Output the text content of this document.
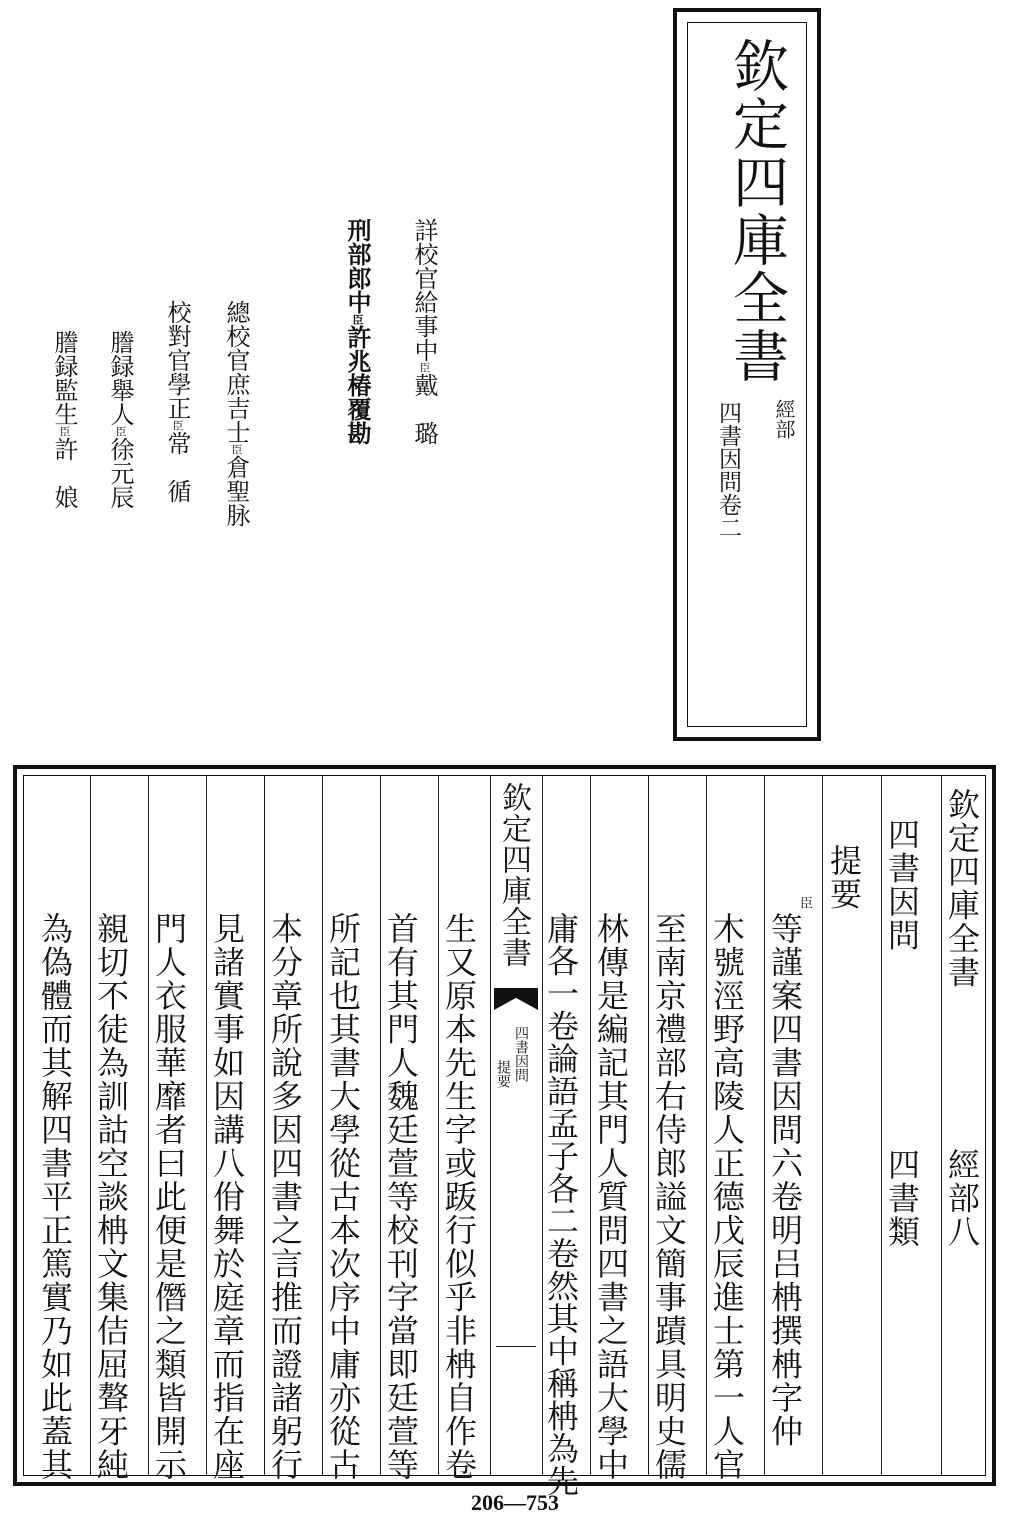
欽定四庫全書
經部
四書因問卷二
詳校官給事中臣戴　璐
刑部郎中臣許兆椿覆勘
總校官庶吉士臣倉聖脉
校對官學正臣常　循
謄録舉人臣徐元辰
謄録監生臣許　娘
欽定四庫全書
經部八
四書因問
四書類
提要
臣
等謹案四書因問六卷明吕柟撰柟字仲
木號涇野高陵人正德戊辰進士第一人官
至南京禮部右侍郎謚文簡事蹟具明史儒
林傳是編記其門人質問四書之語大學中
庸各一卷論語孟子各二卷然其中稱柟為先
欽定四庫全書
四書因問
提要
生又原本先生字或䟦行似乎非柟自作卷
首有其門人魏廷萱等校刊字當即廷萱等
所記也其書大學從古本次序中庸亦從古
本分章所說多因四書之言推而證諸躬行
見諸實事如因講八佾舞於庭章而指在座
門人衣服華靡者曰此便是僭之類皆開示
親切不徒為訓詁空談柟文集佶屈聱牙純
為偽體而其解四書平正篤實乃如此蓋其
206—753
